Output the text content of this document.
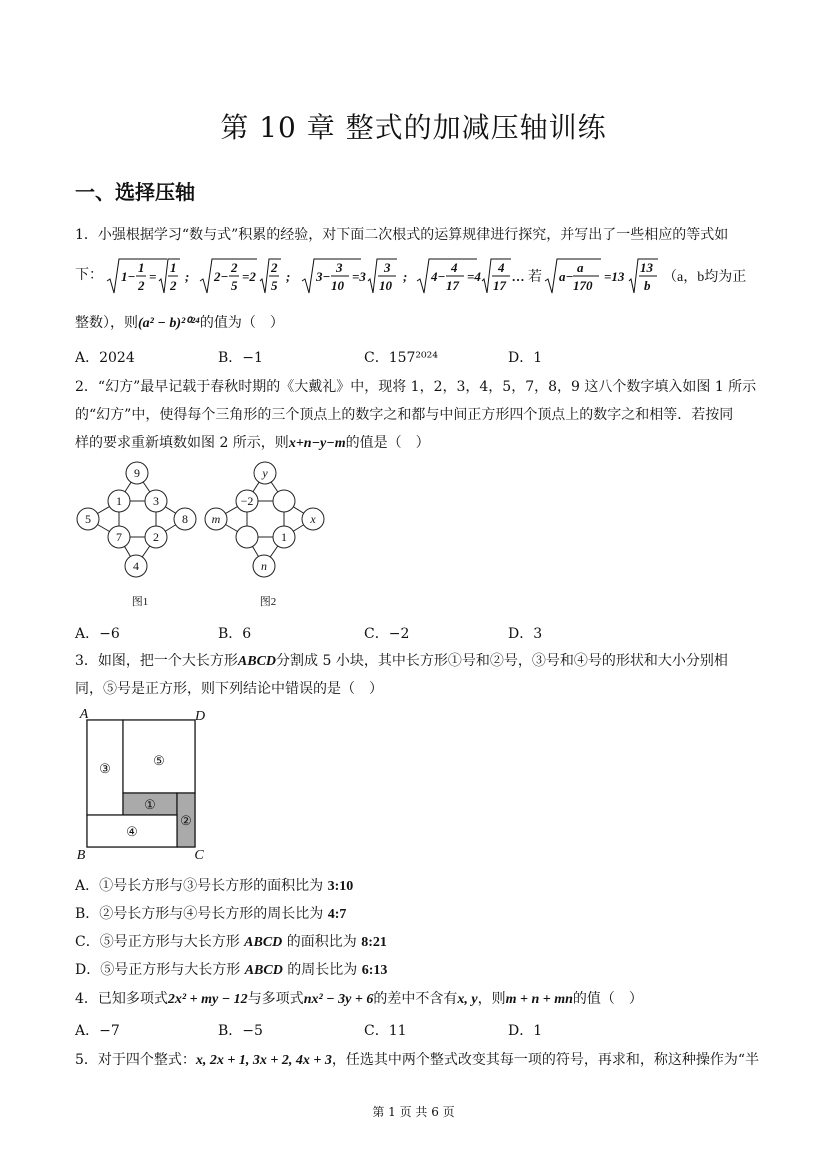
第 10 章 整式的加减压轴训练
一、选择压轴
1．小强根据学习“数与式”积累的经验，对下面二次根式的运算规律进行探究，并写出了一些相应的等式如
下： 1−
1
2
=
1
2
; 2−
2
5
=2
2
5
; 3−
3
10
=3
3
10
; 4−
4
17
=4
4
17
… 若 a−
a
170
=13
13
b
（a，b均为正
整数），则(a² − b)²⁰²⁴的值为（　）
A．2024	B．−1	C．157²⁰²⁴	D．1
2．“幻方”最早记载于春秋时期的《大戴礼》中，现将 1，2，3，4，5，7，8，9 这八个数字填入如图 1 所示
的“幻方”中，使得每个三角形的三个顶点上的数字之和都与中间正方形四个顶点上的数字之和相等．若按同
样的要求重新填数如图 2 所示，则x+n−y−m的值是（　）
9
1	3
5	8
7	2
4
图1
y
−2
m	x
1
n
图2
A．−6	B．6	C．−2	D．3
3．如图，把一个大长方形ABCD分割成 5 小块，其中长方形①号和②号，③号和④号的形状和大小分别相
同，⑤号是正方形，则下列结论中错误的是（　）
A	D
B	C
③
⑤
①
②
④
A．①号长方形与③号长方形的面积比为 3:10
B．②号长方形与④号长方形的周长比为 4:7
C．⑤号正方形与大长方形 ABCD 的面积比为 8:21
D．⑤号正方形与大长方形 ABCD 的周长比为 6:13
4．已知多项式2x² + my − 12与多项式nx² − 3y + 6的差中不含有x, y，则m + n + mn的值（　）
A．−7	B．−5	C．11	D．1
5．对于四个整式：x, 2x + 1, 3x + 2, 4x + 3，任选其中两个整式改变其每一项的符号，再求和，称这种操作为“半
第 1 页 共 6 页
